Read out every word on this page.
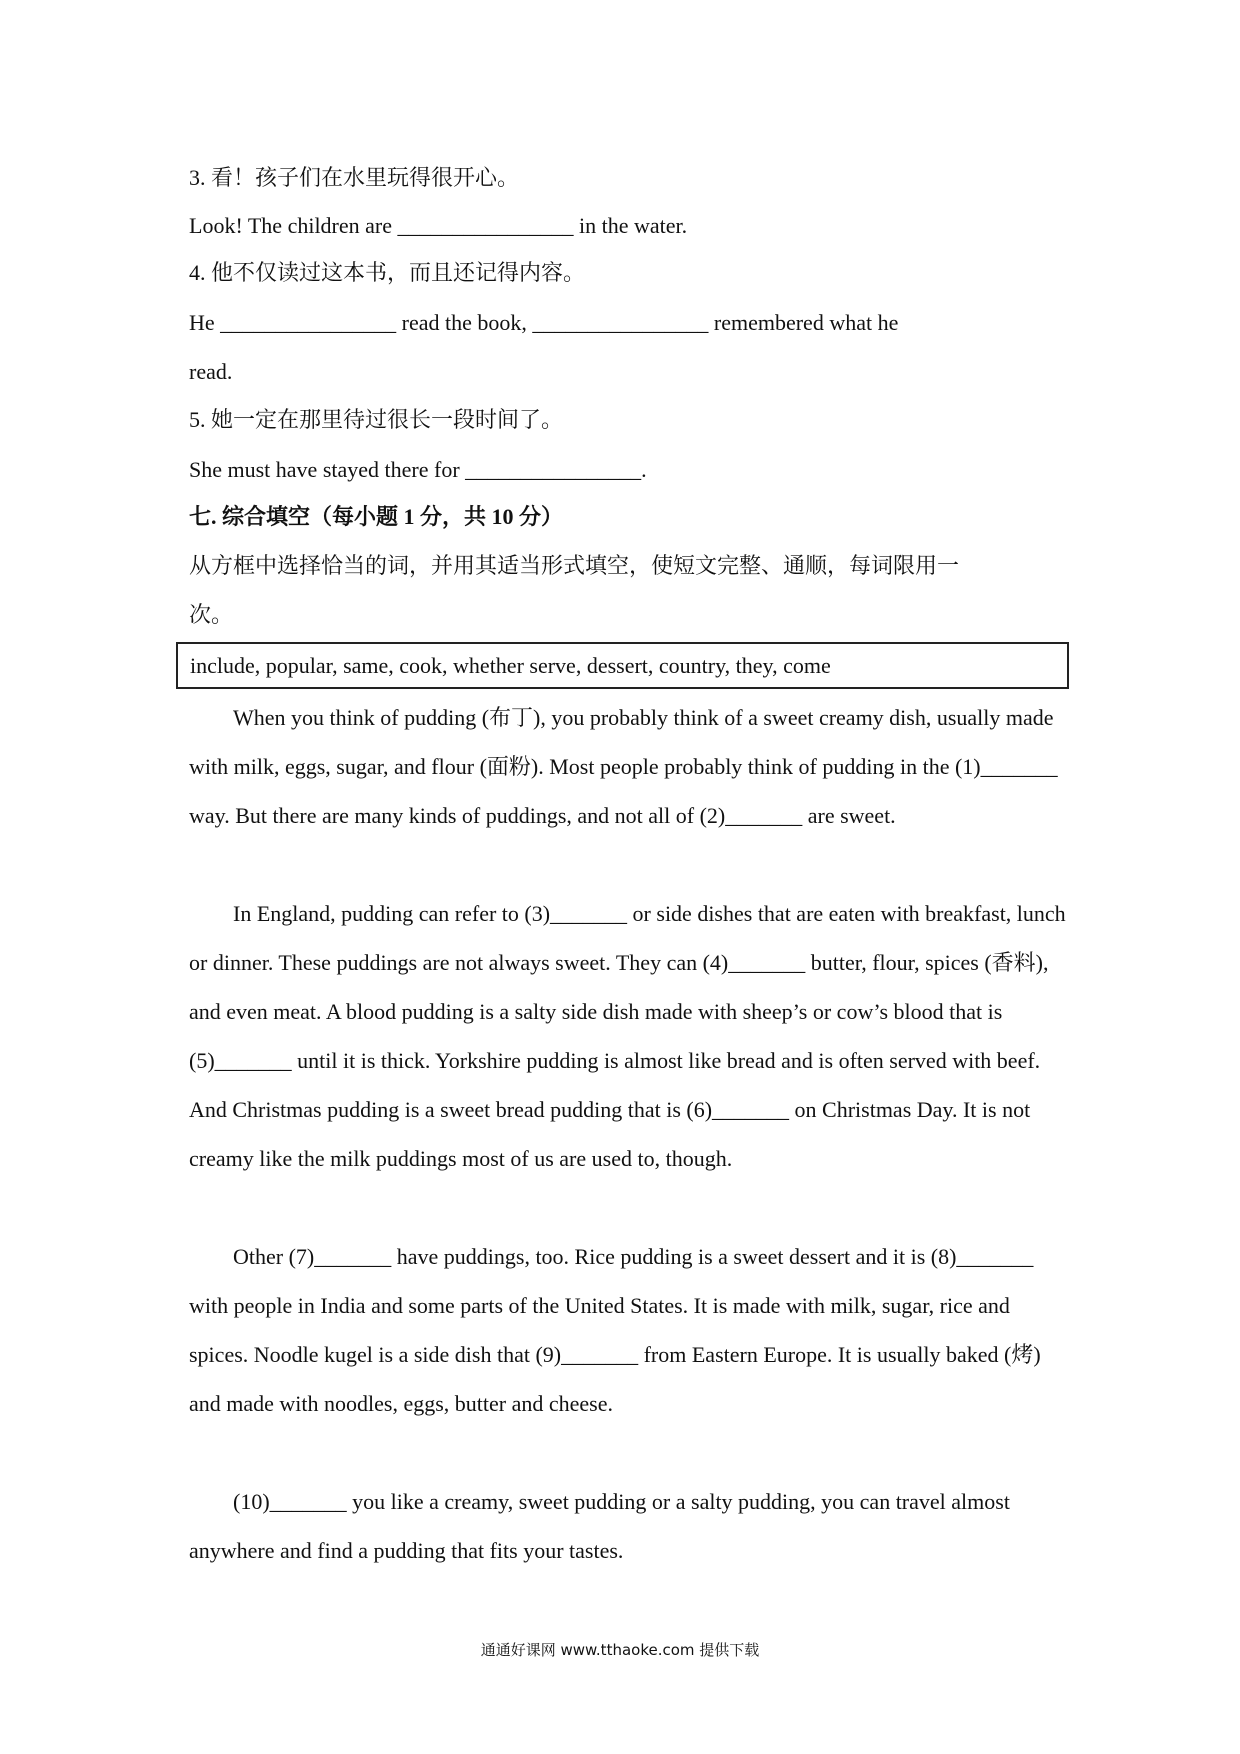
3. 看！孩子们在水里玩得很开心。
Look! The children are ________________ in the water.
4. 他不仅读过这本书，而且还记得内容。
He ________________ read the book, ________________ remembered what he
read.
5. 她一定在那里待过很长一段时间了。
She must have stayed there for ________________.
七. 综合填空（每小题 1 分，共 10 分）
从方框中选择恰当的词，并用其适当形式填空，使短文完整、通顺，每词限用一
次。
include, popular, same, cook, whether serve, dessert, country, they, come
When you think of pudding (布丁), you probably think of a sweet creamy dish, usually made with milk, eggs, sugar, and flour (面粉). Most people probably think of pudding in the (1)_______ way. But there are many kinds of puddings, and not all of (2)_______ are sweet.
In England, pudding can refer to (3)_______ or side dishes that are eaten with breakfast, lunch or dinner. These puddings are not always sweet. They can (4)_______ butter, flour, spices (香料), and even meat. A blood pudding is a salty side dish made with sheep’s or cow’s blood that is (5)_______ until it is thick. Yorkshire pudding is almost like bread and is often served with beef. And Christmas pudding is a sweet bread pudding that is (6)_______ on Christmas Day. It is not creamy like the milk puddings most of us are used to, though.
Other (7)_______ have puddings, too. Rice pudding is a sweet dessert and it is (8)_______ with people in India and some parts of the United States. It is made with milk, sugar, rice and spices. Noodle kugel is a side dish that (9)_______ from Eastern Europe. It is usually baked (烤) and made with noodles, eggs, butter and cheese.
(10)_______ you like a creamy, sweet pudding or a salty pudding, you can travel almost anywhere and find a pudding that fits your tastes.
通通好课网 www.tthaoke.com 提供下载
